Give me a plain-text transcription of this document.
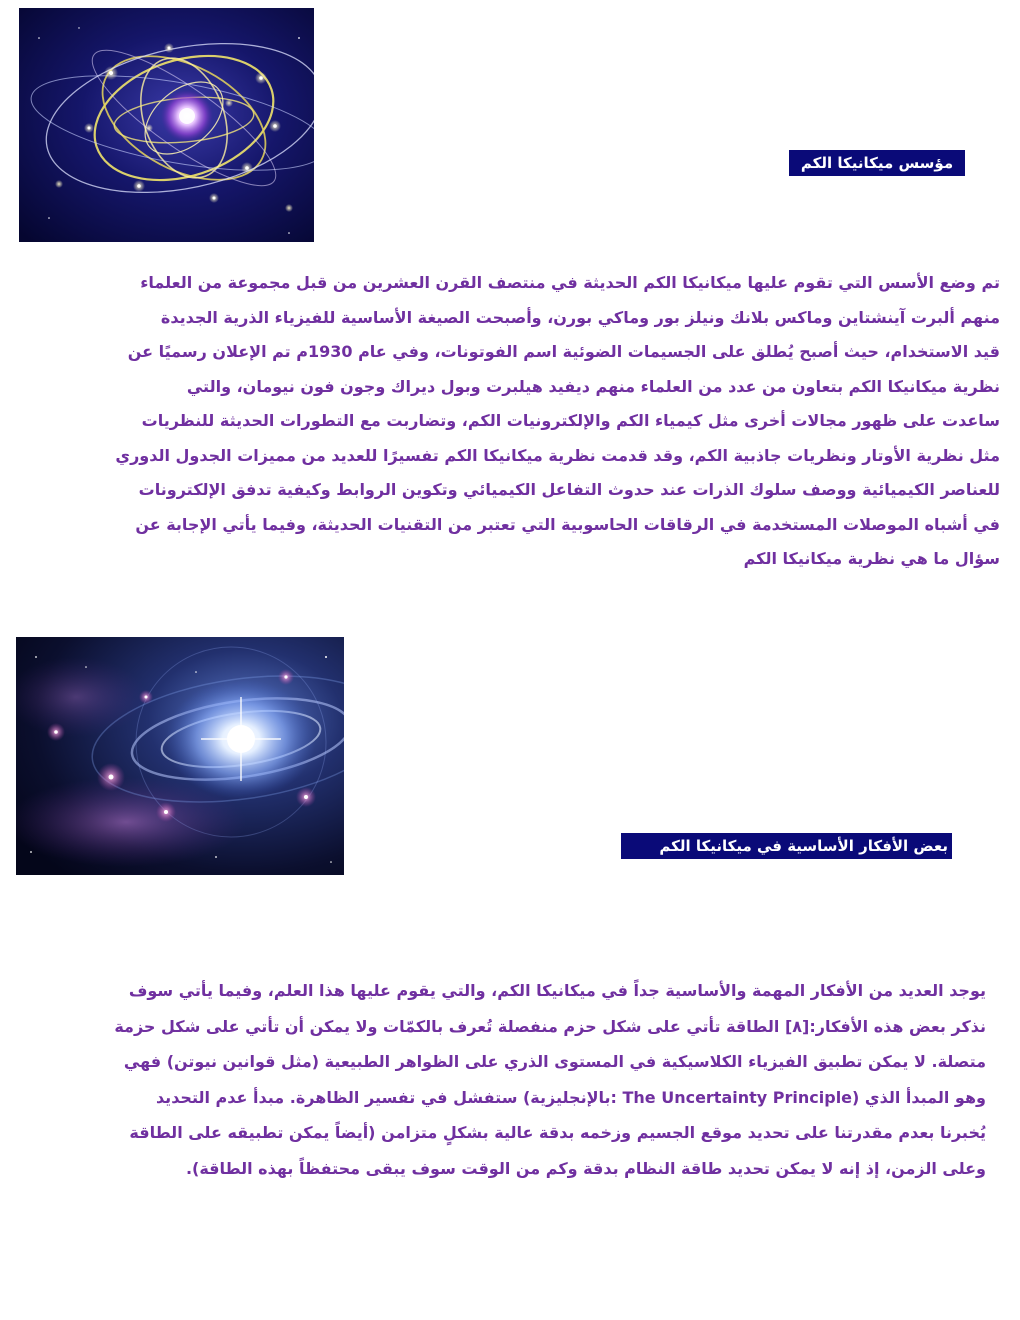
مؤسس ميكانيكا الكم
تم وضع الأسس التي تقوم عليها ميكانيكا الكم الحديثة في منتصف القرن العشرين من قبل مجموعة من العلماء
منهم ألبرت آينشتاين وماكس بلانك ونيلز بور وماكي بورن، وأصبحت الصيغة الأساسية للفيزياء الذرية الجديدة
قيد الاستخدام، حيث أصبح يُطلق على الجسيمات الضوئية اسم الفوتونات، وفي عام 1930م تم الإعلان رسميًا عن
نظرية ميكانيكا الكم بتعاون من عدد من العلماء منهم ديفيد هيلبرت وبول ديراك وجون فون نيومان، والتي
ساعدت على ظهور مجالات أخرى مثل كيمياء الكم والإلكترونيات الكم، وتضاربت مع التطورات الحديثة للنظريات
مثل نظرية الأوتار ونظريات جاذبية الكم، وقد قدمت نظرية ميكانيكا الكم تفسيرًا للعديد من مميزات الجدول الدوري
للعناصر الكيميائية ووصف سلوك الذرات عند حدوث التفاعل الكيميائي وتكوين الروابط وكيفية تدفق الإلكترونات
في أشباه الموصلات المستخدمة في الرقاقات الحاسوبية التي تعتبر من التقنيات الحديثة، وفيما يأتي الإجابة عن
سؤال ما هي نظرية ميكانيكا الكم
بعض الأفكار الأساسية في ميكانيكا الكم
يوجد العديد من الأفكار المهمة والأساسية جداً في ميكانيكا الكم، والتي يقوم عليها هذا العلم، وفيما يأتي سوف
نذكر بعض هذه الأفكار:[٨] الطاقة تأتي على شكل حزم منفصلة تُعرف بالكمّات ولا يمكن أن تأتي على شكل حزمة
متصلة. لا يمكن تطبيق الفيزياء الكلاسيكية في المستوى الذري على الظواهر الطبيعية (مثل قوانين نيوتن) فهي
وهو المبدأ الذي (The Uncertainty Principle :بالإنجليزية) ستفشل في تفسير الظاهرة. مبدأ عدم التحديد
يُخبرنا بعدم مقدرتنا على تحديد موقع الجسيم وزخمه بدقة عالية بشكلٍ متزامن (أيضاً يمكن تطبيقه على الطاقة
وعلى الزمن، إذ إنه لا يمكن تحديد طاقة النظام بدقة وكم من الوقت سوف يبقى محتفظاً بهذه الطاقة).
